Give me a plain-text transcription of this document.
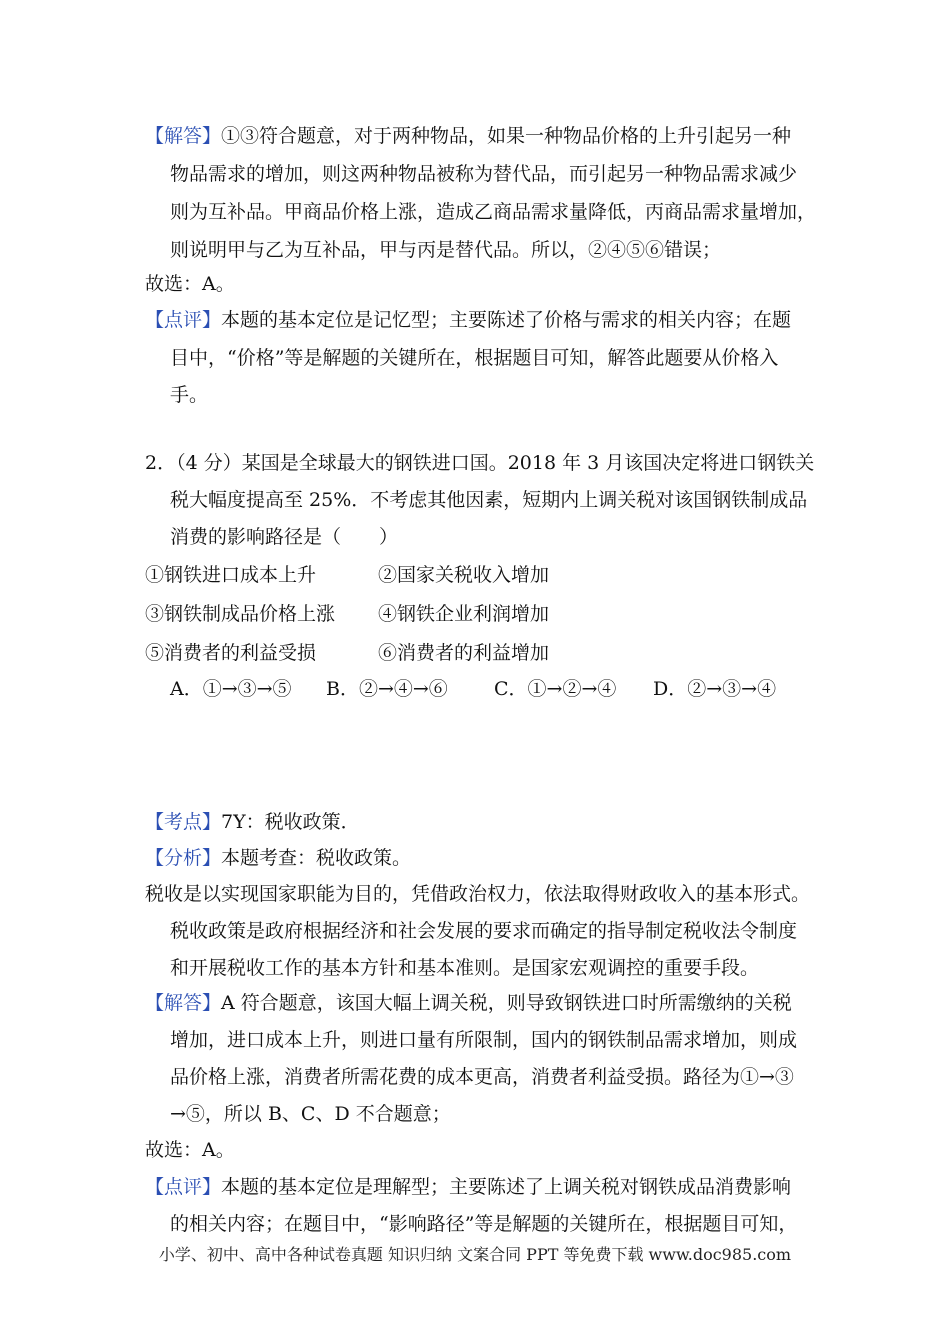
【解答】①③符合题意，对于两种物品，如果一种物品价格的上升引起另一种
物品需求的增加，则这两种物品被称为替代品，而引起另一种物品需求减少
则为互补品。甲商品价格上涨，造成乙商品需求量降低，丙商品需求量增加，
则说明甲与乙为互补品，甲与丙是替代品。所以，②④⑤⑥错误；
故选：A。
【点评】本题的基本定位是记忆型；主要陈述了价格与需求的相关内容；在题
目中，“价格”等是解题的关键所在，根据题目可知，解答此题要从价格入
手。
2．（4 分）某国是全球最大的钢铁进口国。2018 年 3 月该国决定将进口钢铁关
税大幅度提高至 25%．不考虑其他因素，短期内上调关税对该国钢铁制成品
消费的影响路径是（　　）
①钢铁进口成本上升	②国家关税收入增加
③钢铁制成品价格上涨 ④钢铁企业利润增加
⑤消费者的利益受损	⑥消费者的利益增加
A．①→③→⑤ B．②→④→⑥ C．①→②→④ D．②→③→④
【考点】7Y：税收政策．
【分析】本题考查：税收政策。
税收是以实现国家职能为目的，凭借政治权力，依法取得财政收入的基本形式。
税收政策是政府根据经济和社会发展的要求而确定的指导制定税收法令制度
和开展税收工作的基本方针和基本准则。是国家宏观调控的重要手段。
【解答】A 符合题意，该国大幅上调关税，则导致钢铁进口时所需缴纳的关税
增加，进口成本上升，则进口量有所限制，国内的钢铁制品需求增加，则成
品价格上涨，消费者所需花费的成本更高，消费者利益受损。路径为①→③
→⑤，所以 B、C、D 不合题意；
故选：A。
【点评】本题的基本定位是理解型；主要陈述了上调关税对钢铁成品消费影响
的相关内容；在题目中，“影响路径”等是解题的关键所在，根据题目可知，
小学、初中、高中各种试卷真题 知识归纳 文案合同 PPT 等免费下载 www.doc985.com
